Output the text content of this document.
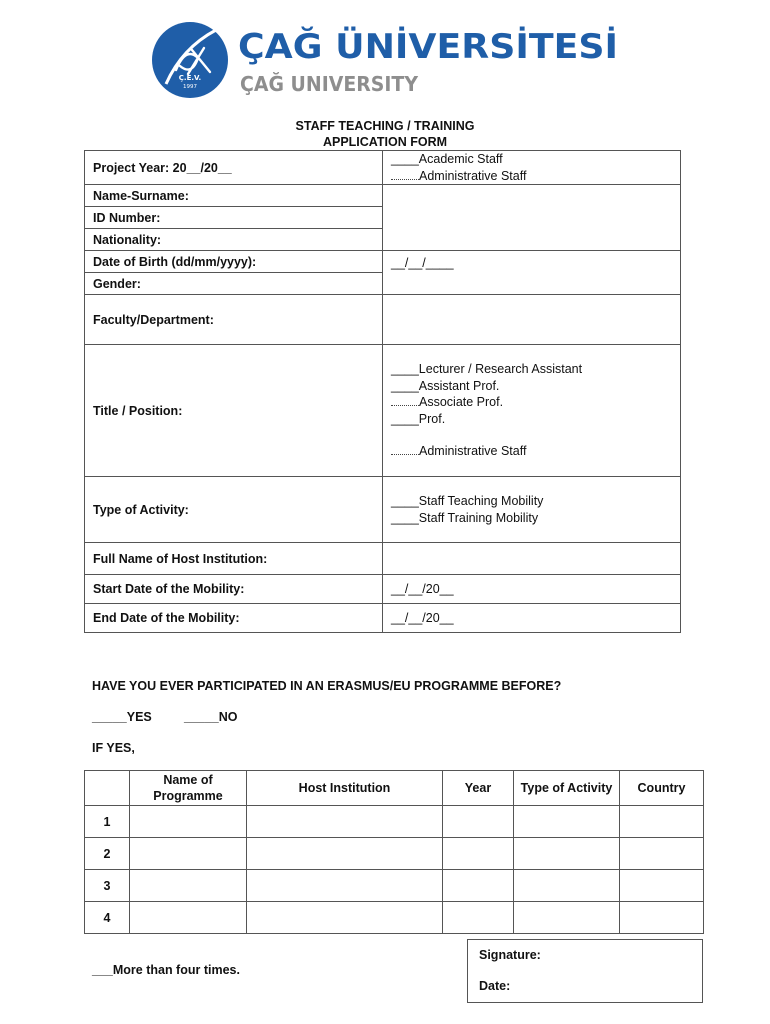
Ç.E.V.
1997
ÇAĞ ÜNİVERSİTESİ
ÇAĞ UNIVERSITY
STAFF TEACHING / TRAINING
APPLICATION FORM
Project Year: 20__/20__	____Academic Staff
Administrative Staff

Name-Surname:	
ID Number:	
Nationality:	
Date of Birth (dd/mm/yyyy):	__/__/____
Gender:	
Faculty/Department:	
Title / Position:	____Lecturer / Research Assistant
____Assistant Prof.
Associate Prof.
____Prof.
Administrative Staff

Type of Activity:	____Staff Teaching Mobility
____Staff Training Mobility

Full Name of Host Institution:	
Start Date of the Mobility:	__/__/20__
End Date of the Mobility:	__/__/20__
HAVE YOU EVER PARTICIPATED IN AN ERASMUS/EU PROGRAMME BEFORE?
_____YES	_____NO
IF YES,
	Name of Programme	Host Institution	Year	Type of Activity	Country
1					
2					
3					
4					
___More than four times.
Signature:
Date:
